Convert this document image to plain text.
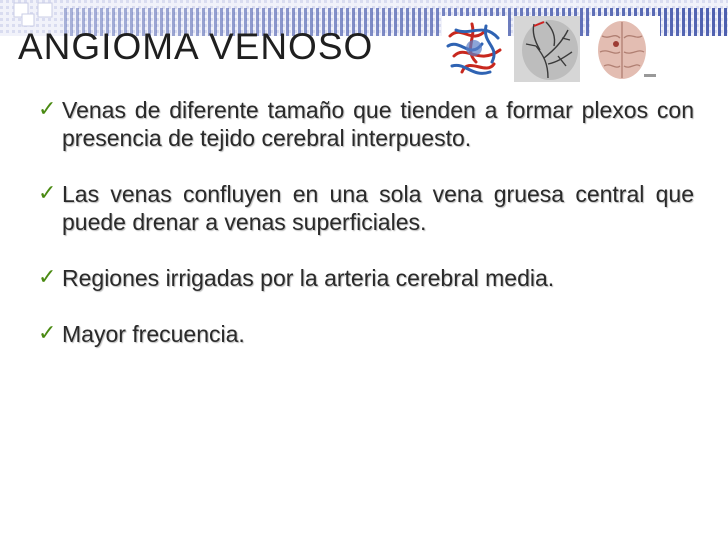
ANGIOMA VENOSO
✓ Venas de diferente tamaño que tienden a formar plexos con presencia de tejido cerebral interpuesto.
✓ Las venas confluyen en una sola vena gruesa central que puede drenar a venas superficiales.
✓ Regiones irrigadas por la arteria cerebral media.
✓ Mayor frecuencia.
